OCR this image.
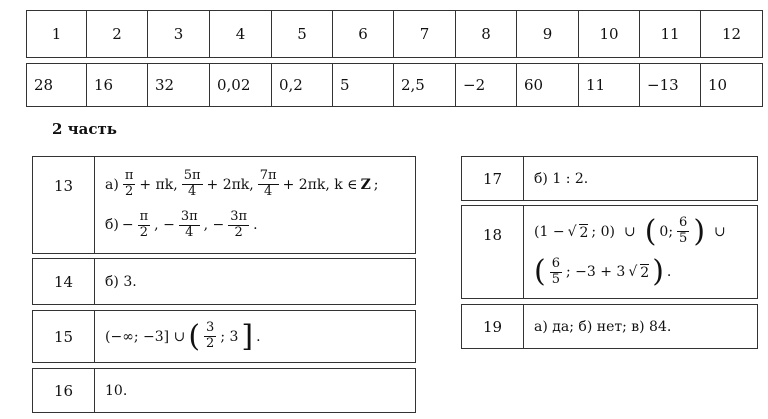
1	2	3	4	5	6	7	8	9	10	11	12
28	16	32	0,02	0,2	5	2,5	−2	60	11	−13	10
2 часть
13	$а) \frac{\pi}{2} + \pi k$, $\frac{5\pi}{4} + 2\pi k$, $\frac{7\pi}{4} + 2\pi k$, k ∈ Z ;
$б) - \frac{\pi}{2}$ , − $\frac{3\pi}{4}$ , − $\frac{3\pi}{2}$ .
14	б) 3.
15	(−∞; −3] ∪ ( $\frac{3}{2}$ ; 3 ] .
16	10.
17	б) 1 : 2.
18	(1 − √ 2 ; 0) ∪ ( 0; $\frac{6}{5}$ ) ∪
( $\frac{6}{5}$ ; −3 + 3 √ 2 ) .
19	а) да; б) нет; в) 84.
